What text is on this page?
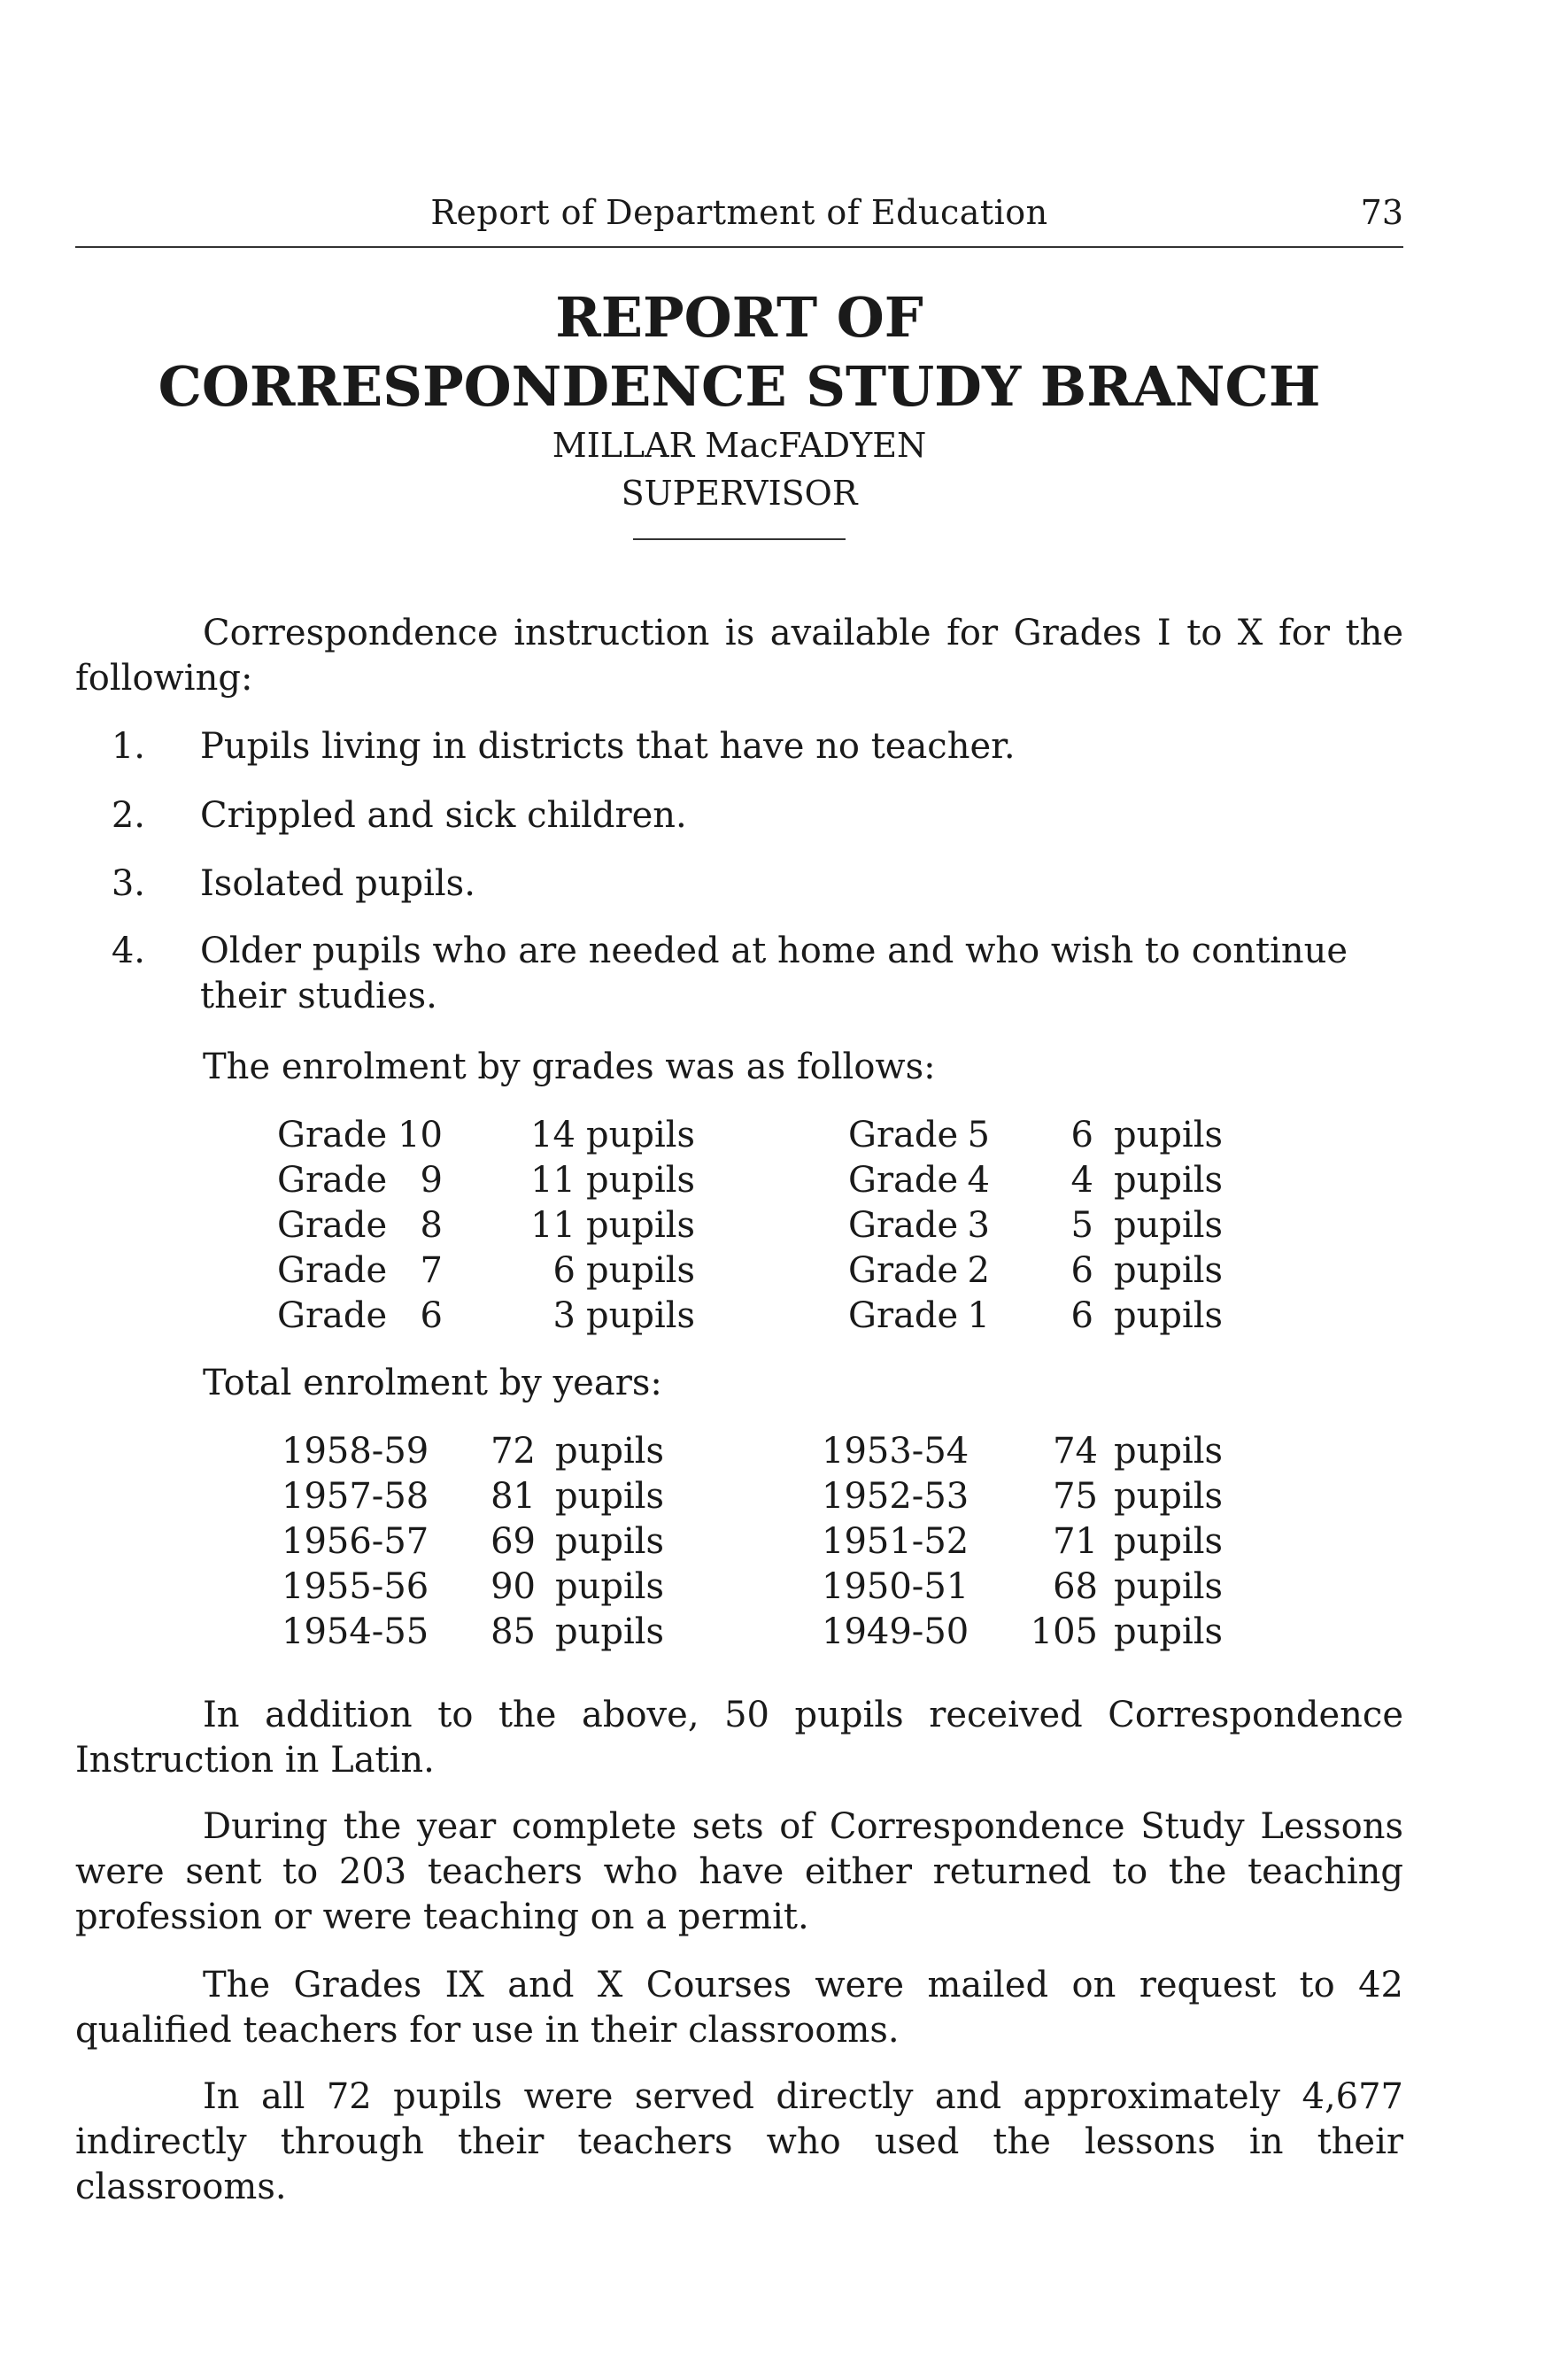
Report of Department of Education	73
REPORT OF
CORRESPONDENCE STUDY BRANCH
MILLAR MacFADYEN
SUPERVISOR
Correspondence instruction is available for Grades I to X for the following:
1. Pupils living in districts that have no teacher.
2. Crippled and sick children.
3. Isolated pupils.
4. Older pupils who are needed at home and who wish to continue their studies.
The enrolment by grades was as follows:
Grade 10	14 pupils	Grade 5	6 pupils
Grade 9	11 pupils	Grade 4	4 pupils
Grade 8	11 pupils	Grade 3	5 pupils
Grade 7	6 pupils	Grade 2	6 pupils
Grade 6	3 pupils	Grade 1	6 pupils
Total enrolment by years:
1958-59	72 pupils	1953-54	74 pupils
1957-58	81 pupils	1952-53	75 pupils
1956-57	69 pupils	1951-52	71 pupils
1955-56	90 pupils	1950-51	68 pupils
1954-55	85 pupils	1949-50	105 pupils
In addition to the above, 50 pupils received Correspondence Instruction in Latin.
During the year complete sets of Correspondence Study Lessons were sent to 203 teachers who have either returned to the teaching profession or were teaching on a permit.
The Grades IX and X Courses were mailed on request to 42 qualified teachers for use in their classrooms.
In all 72 pupils were served directly and approximately 4,677 indirectly through their teachers who used the lessons in their classrooms.
